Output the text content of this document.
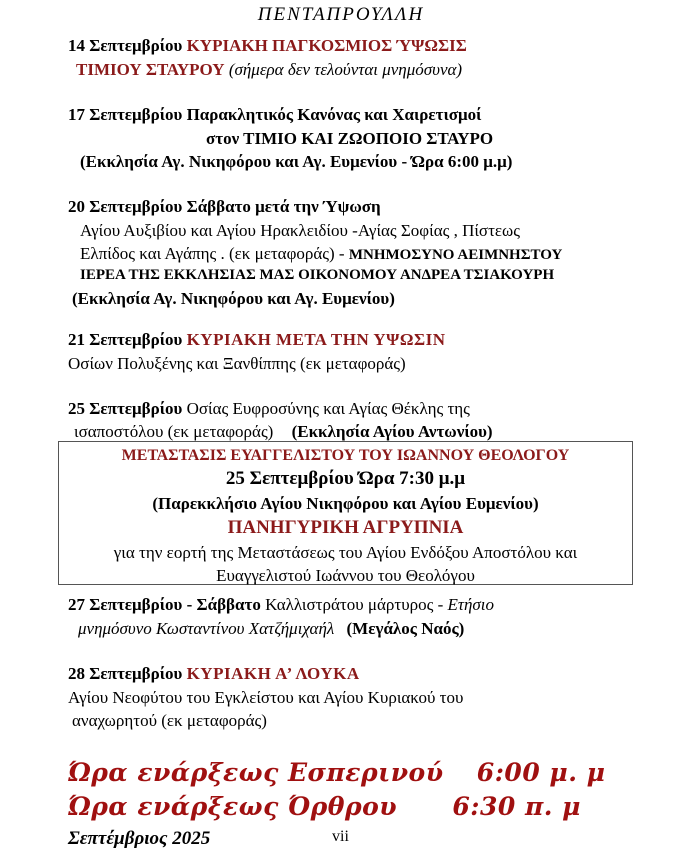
ΠΕΝΤΑΠΡΟΥΛΛΗ
14 Σεπτεμβρίου ΚΥΡΙΑΚΗ ΠΑΓΚΟΣΜΙΟΣ ΎΨΩΣΙΣ
ΤΙΜΙΟΥ ΣΤΑΥΡΟΥ (σήμερα δεν τελούνται μνημόσυνα)
17 Σεπτεμβρίου Παρακλητικός Κανόνας και Χαιρετισμοί
στον ΤΙΜΙΟ ΚΑΙ ΖΩΟΠΟΙΟ ΣΤΑΥΡΟ
(Εκκλησία Αγ. Νικηφόρου και Αγ. Ευμενίου - Ώρα 6:00 μ.μ)
20 Σεπτεμβρίου Σάββατο μετά την Ύψωση
Αγίου Αυξιβίου και Αγίου Ηρακλειδίου -Αγίας Σοφίας , Πίστεως
Ελπίδος και Αγάπης . (εκ μεταφοράς) - ΜΝΗΜΟΣΥΝΟ ΑΕΙΜΝΗΣΤΟΥ
ΙΕΡΕΑ ΤΗΣ ΕΚΚΛΗΣΙΑΣ ΜΑΣ ΟΙΚΟΝΟΜΟΥ ΑΝΔΡΕΑ ΤΣΙΑΚΟΥΡΗ
(Εκκλησία Αγ. Νικηφόρου και Αγ. Ευμενίου)
21 Σεπτεμβρίου ΚΥΡΙΑΚΗ ΜΕΤΑ ΤΗΝ ΥΨΩΣΙΝ
Οσίων Πολυξένης και Ξανθίππης (εκ μεταφοράς)
25 Σεπτεμβρίου Οσίας Ευφροσύνης και Αγίας Θέκλης της
ισαποστόλου (εκ μεταφοράς) (Εκκλησία Αγίου Αντωνίου)
ΜΕΤΑΣΤΑΣΙΣ ΕΥΑΓΓΕΛΙΣΤΟΥ ΤΟΥ ΙΩΑΝΝΟΥ ΘΕΟΛΟΓΟΥ
25 Σεπτεμβρίου Ώρα 7:30 μ.μ
(Παρεκκλήσιο Αγίου Νικηφόρου και Αγίου Ευμενίου)
ΠΑΝΗΓΥΡΙΚΗ ΑΓΡΥΠΝΙΑ
για την εορτή της Μεταστάσεως του Αγίου Ενδόξου Αποστόλου και
Ευαγγελιστού Ιωάννου του Θεολόγου
27 Σεπτεμβρίου - Σάββατο Καλλιστράτου μάρτυρος - Ετήσιο
μνημόσυνο Κωσταντίνου Χατζήμιχαήλ (Μεγάλος Ναός)
28 Σεπτεμβρίου ΚΥΡΙΑΚΗ Α’ ΛΟΥΚΑ
Αγίου Νεοφύτου του Εγκλείστου και Αγίου Κυριακού του
αναχωρητού (εκ μεταφοράς)
Ώρα ενάρξεως Εσπερινού 6:00 μ. μ
Ώρα ενάρξεως Όρθρου 6:30 π. μ
Σεπτέμβριος 2025	vii
